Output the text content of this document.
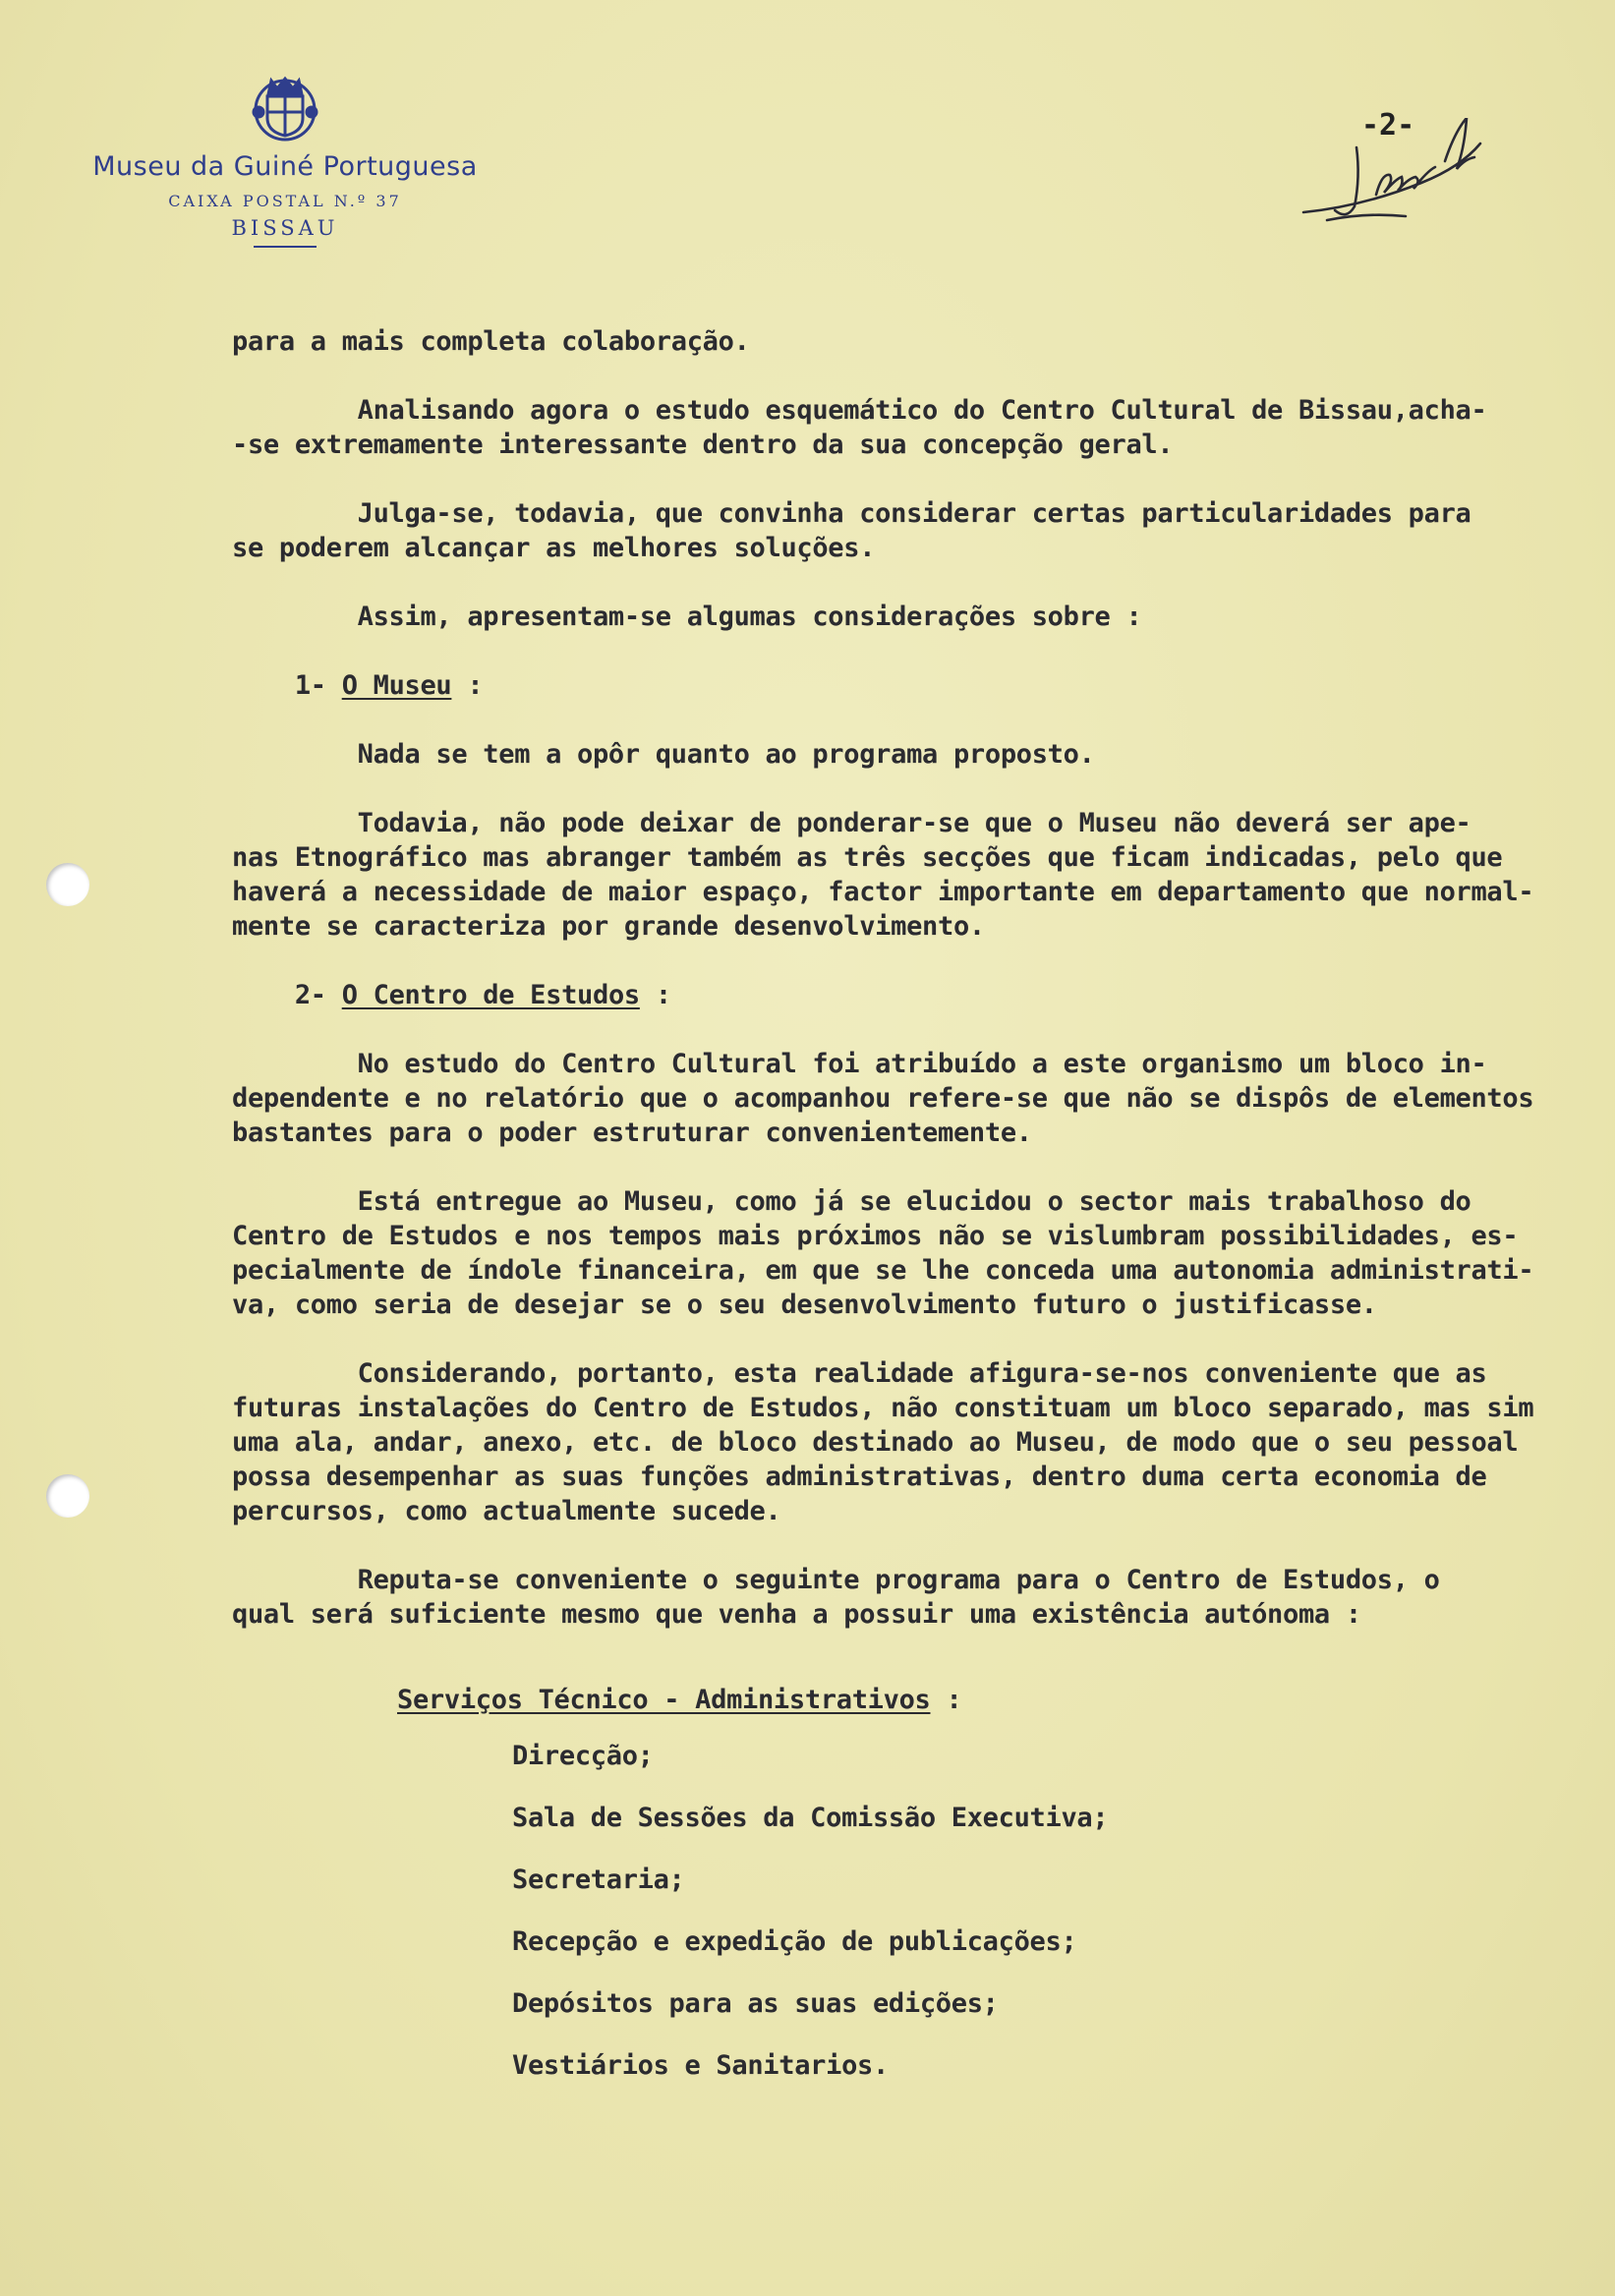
Museu da Guiné Portuguesa
CAIXA POSTAL N.º 37
BISSAU
-2-
para a mais completa colaboração.
Analisando agora o estudo esquemático do Centro Cultural de Bissau,acha-
-se extremamente interessante dentro da sua concepção geral.
Julga-se, todavia, que convinha considerar certas particularidades para
se poderem alcançar as melhores soluções.
Assim, apresentam-se algumas considerações sobre :
1- O Museu :
Nada se tem a opôr quanto ao programa proposto.
Todavia, não pode deixar de ponderar-se que o Museu não deverá ser ape-
nas Etnográfico mas abranger também as três secções que ficam indicadas, pelo que
haverá a necessidade de maior espaço, factor importante em departamento que normal-
mente se caracteriza por grande desenvolvimento.
2- O Centro de Estudos :
No estudo do Centro Cultural foi atribuído a este organismo um bloco in-
dependente e no relatório que o acompanhou refere-se que não se dispôs de elementos
bastantes para o poder estruturar convenientemente.
Está entregue ao Museu, como já se elucidou o sector mais trabalhoso do
Centro de Estudos e nos tempos mais próximos não se vislumbram possibilidades, es-
pecialmente de índole financeira, em que se lhe conceda uma autonomia administrati-
va, como seria de desejar se o seu desenvolvimento futuro o justificasse.
Considerando, portanto, esta realidade afigura-se-nos conveniente que as
futuras instalações do Centro de Estudos, não constituam um bloco separado, mas sim
uma ala, andar, anexo, etc. de bloco destinado ao Museu, de modo que o seu pessoal
possa desempenhar as suas funções administrativas, dentro duma certa economia de
percursos, como actualmente sucede.
Reputa-se conveniente o seguinte programa para o Centro de Estudos, o
qual será suficiente mesmo que venha a possuir uma existência autónoma :
Serviços Técnico - Administrativos :
Direcção;
Sala de Sessões da Comissão Executiva;
Secretaria;
Recepção e expedição de publicações;
Depósitos para as suas edições;
Vestiários e Sanitarios.
